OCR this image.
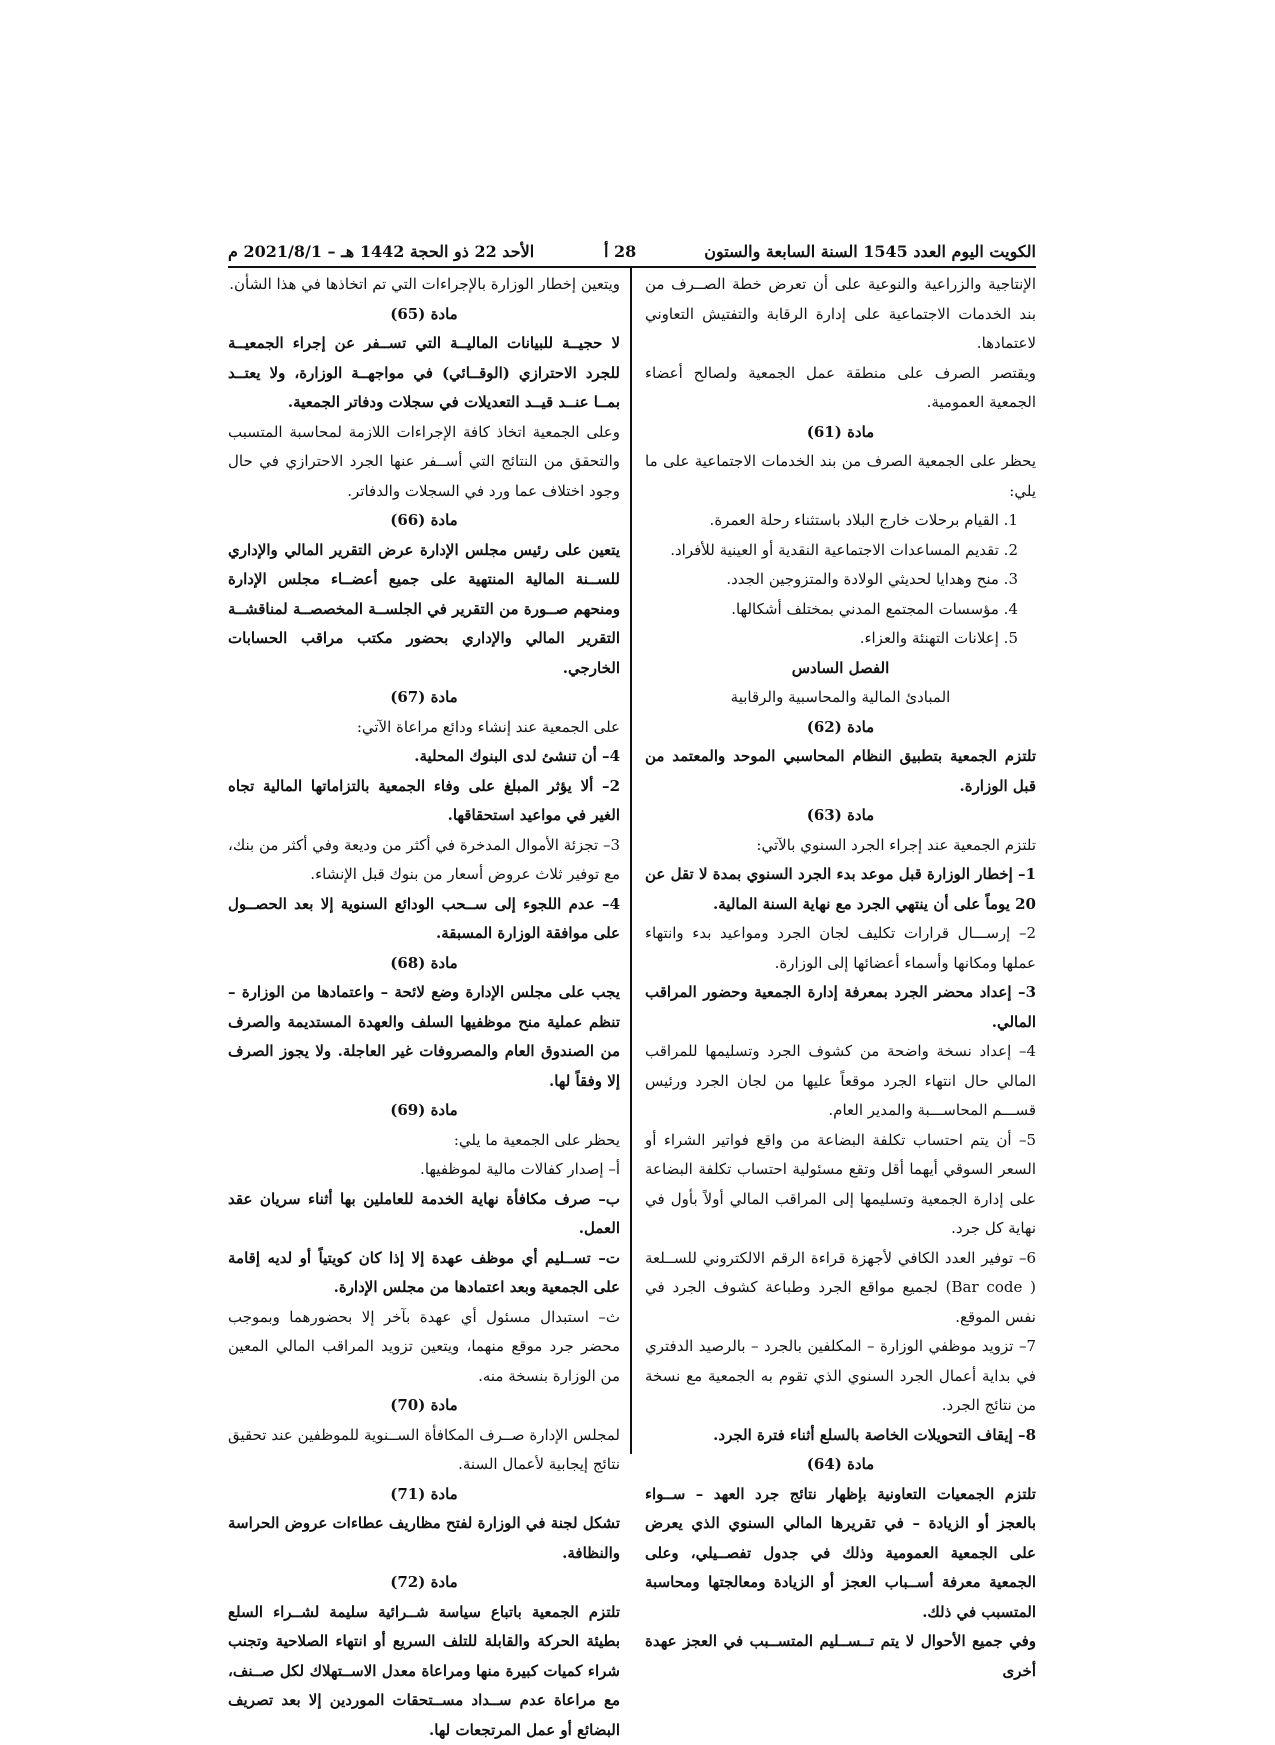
الكويت اليوم العدد 1545 السنة السابعة والستون
28 أ
الأحد 22 ذو الحجة 1442 هـ – 2021/8/1 م

الإنتاجية والزراعية والنوعية على أن تعرض خطة الصــرف من بند الخدمات الاجتماعية على إدارة الرقابة والتفتيش التعاوني لاعتمادها.

ويقتصر الصرف على منطقة عمل الجمعية ولصالح أعضاء الجمعية العمومية.

مادة (61)

يحظر على الجمعية الصرف من بند الخدمات الاجتماعية على ما يلي:

1. القيام برحلات خارج البلاد باستثناء رحلة العمرة.

2. تقديم المساعدات الاجتماعية النقدية أو العينية للأفراد.

3. منح وهدايا لحديثي الولادة والمتزوجين الجدد.

4. مؤسسات المجتمع المدني بمختلف أشكالها.

5. إعلانات التهنئة والعزاء.

الفصل السادس

المبادئ المالية والمحاسبية والرقابية

مادة (62)

تلتزم الجمعية بتطبيق النظام المحاسبي الموحد والمعتمد من قبل الوزارة.

مادة (63)

تلتزم الجمعية عند إجراء الجرد السنوي بالآتي:

1– إخطار الوزارة قبل موعد بدء الجرد السنوي بمدة لا تقل عن 20 يوماً على أن ينتهي الجرد مع نهاية السنة المالية.

2– إرســـال قرارات تكليف لجان الجرد ومواعيد بدء وانتهاء عملها ومكانها وأسماء أعضائها إلى الوزارة.

3– إعداد محضر الجرد بمعرفة إدارة الجمعية وحضور المراقب المالي.

4– إعداد نسخة واضحة من كشوف الجرد وتسليمها للمراقب المالي حال انتهاء الجرد موقعاً عليها من لجان الجرد ورئيس قســـم المحاســـبة والمدير العام.

5– أن يتم احتساب تكلفة البضاعة من واقع فواتير الشراء أو السعر السوقي أيهما أقل وتقع مسئولية احتساب تكلفة البضاعة على إدارة الجمعية وتسليمها إلى المراقب المالي أولاً بأول في نهاية كل جرد.

6– توفير العدد الكافي لأجهزة قراءة الرقم الالكتروني للســلعة ( Bar code) لجميع مواقع الجرد وطباعة كشوف الجرد في نفس الموقع.

7– تزويد موظفي الوزارة – المكلفين بالجرد – بالرصيد الدفتري في بداية أعمال الجرد السنوي الذي تقوم به الجمعية مع نسخة من نتائج الجرد.

8– إيقاف التحويلات الخاصة بالسلع أثناء فترة الجرد.

مادة (64)

تلتزم الجمعيات التعاونية بإظهار نتائج جرد العهد – ســواء بالعجز أو الزيادة – في تقريرها المالي السنوي الذي يعرض على الجمعية العمومية وذلك في جدول تفصــيلي، وعلى الجمعية معرفة أســباب العجز أو الزيادة ومعالجتها ومحاسبة المتسبب في ذلك.

وفي جميع الأحوال لا يتم تــســليم المتســبب في العجز عهدة أخرى

ويتعين إخطار الوزارة بالإجراءات التي تم اتخاذها في هذا الشأن.

مادة (65)

لا حجيــة للبيانات الماليــة التي تســفر عن إجراء الجمعيــة للجرد الاحترازي (الوقــائي) في مواجهــة الوزارة، ولا يعتــد بمــا عنــد قيــد التعديلات في سجلات ودفاتر الجمعية.

وعلى الجمعية اتخاذ كافة الإجراءات اللازمة لمحاسبة المتسبب والتحقق من النتائج التي أســفر عنها الجرد الاحترازي في حال وجود اختلاف عما ورد في السجلات والدفاتر.

مادة (66)

يتعين على رئيس مجلس الإدارة عرض التقرير المالي والإداري للســنة المالية المنتهية على جميع أعضــاء مجلس الإدارة ومنحهم صــورة من التقرير في الجلســة المخصصــة لمناقشــة التقرير المالي والإداري بحضور مكتب مراقب الحسابات الخارجي.

مادة (67)

على الجمعية عند إنشاء ودائع مراعاة الآتي:

4– أن تنشئ لدى البنوك المحلية.

2– ألا يؤثر المبلغ على وفاء الجمعية بالتزاماتها المالية تجاه الغير في مواعيد استحقاقها.

3– تجزئة الأموال المدخرة في أكثر من وديعة وفي أكثر من بنك، مع توفير ثلاث عروض أسعار من بنوك قبل الإنشاء.

4– عدم اللجوء إلى ســحب الودائع السنوية إلا بعد الحصــول على موافقة الوزارة المسبقة.

مادة (68)

يجب على مجلس الإدارة وضع لائحة – واعتمادها من الوزارة – تنظم عملية منح موظفيها السلف والعهدة المستديمة والصرف من الصندوق العام والمصروفات غير العاجلة. ولا يجوز الصرف إلا وفقاً لها.

مادة (69)

يحظر على الجمعية ما يلي:

أ– إصدار كفالات مالية لموظفيها.

ب– صرف مكافأة نهاية الخدمة للعاملين بها أثناء سريان عقد العمل.

ت– تســليم أي موظف عهدة إلا إذا كان كويتياً أو لديه إقامة على الجمعية وبعد اعتمادها من مجلس الإدارة.

ث– استبدال مسئول أي عهدة بآخر إلا بحضورهما وبموجب محضر جرد موقع منهما، ويتعين تزويد المراقب المالي المعين من الوزارة بنسخة منه.

مادة (70)

لمجلس الإدارة صــرف المكافأة الســنوية للموظفين عند تحقيق نتائج إيجابية لأعمال السنة.

مادة (71)

تشكل لجنة في الوزارة لفتح مظاريف عطاءات عروض الحراسة والنظافة.

مادة (72)

تلتزم الجمعية باتباع سياسة شــرائية سليمة لشــراء السلع بطيئة الحركة والقابلة للتلف السريع أو انتهاء الصلاحية وتجنب شراء كميات كبيرة منها ومراعاة معدل الاســتهلاك لكل صــنف، مع مراعاة عدم ســداد مســتحقات الموردين إلا بعد تصريف البضائع أو عمل المرتجعات لها.
